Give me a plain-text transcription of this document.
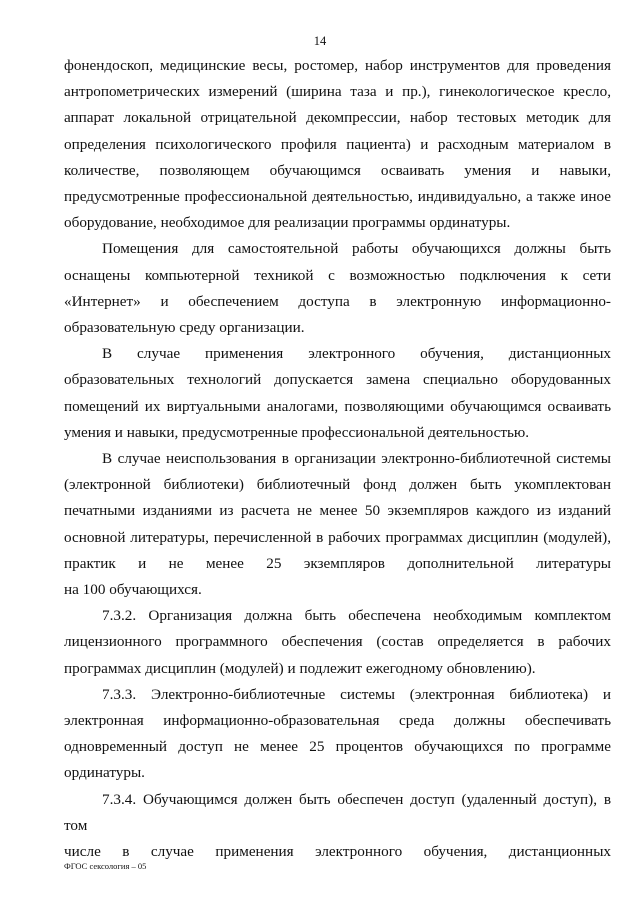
14

фонендоскоп, медицинские весы, ростомер, набор инструментов для проведения

антропометрических измерений (ширина таза и пр.), гинекологическое кресло,

аппарат локальной отрицательной декомпрессии, набор тестовых методик для

определения психологического профиля пациента) и расходным материалом в

количестве, позволяющем обучающимся осваивать умения и навыки,

предусмотренные профессиональной деятельностью, индивидуально, а также иное

оборудование, необходимое для реализации программы ординатуры.

Помещения для самостоятельной работы обучающихся должны быть

оснащены компьютерной техникой с возможностью подключения к сети

«Интернет» и обеспечением доступа в электронную информационно-

образовательную среду организации.

В случае применения электронного обучения, дистанционных

образовательных технологий допускается замена специально оборудованных

помещений их виртуальными аналогами, позволяющими обучающимся осваивать

умения и навыки, предусмотренные профессиональной деятельностью.

В случае неиспользования в организации электронно-библиотечной системы

(электронной библиотеки) библиотечный фонд должен быть укомплектован

печатными изданиями из расчета не менее 50 экземпляров каждого из изданий

основной литературы, перечисленной в рабочих программах дисциплин (модулей),

практик и не менее 25 экземпляров дополнительной литературы

на 100 обучающихся.

7.3.2. Организация должна быть обеспечена необходимым комплектом

лицензионного программного обеспечения (состав определяется в рабочих

программах дисциплин (модулей) и подлежит ежегодному обновлению).

7.3.3. Электронно-библиотечные системы (электронная библиотека) и

электронная информационно-образовательная среда должны обеспечивать

одновременный доступ не менее 25 процентов обучающихся по программе

ординатуры.

7.3.4. Обучающимся должен быть обеспечен доступ (удаленный доступ), в том

числе в случае применения электронного обучения, дистанционных

ФГОС сексология – 05
